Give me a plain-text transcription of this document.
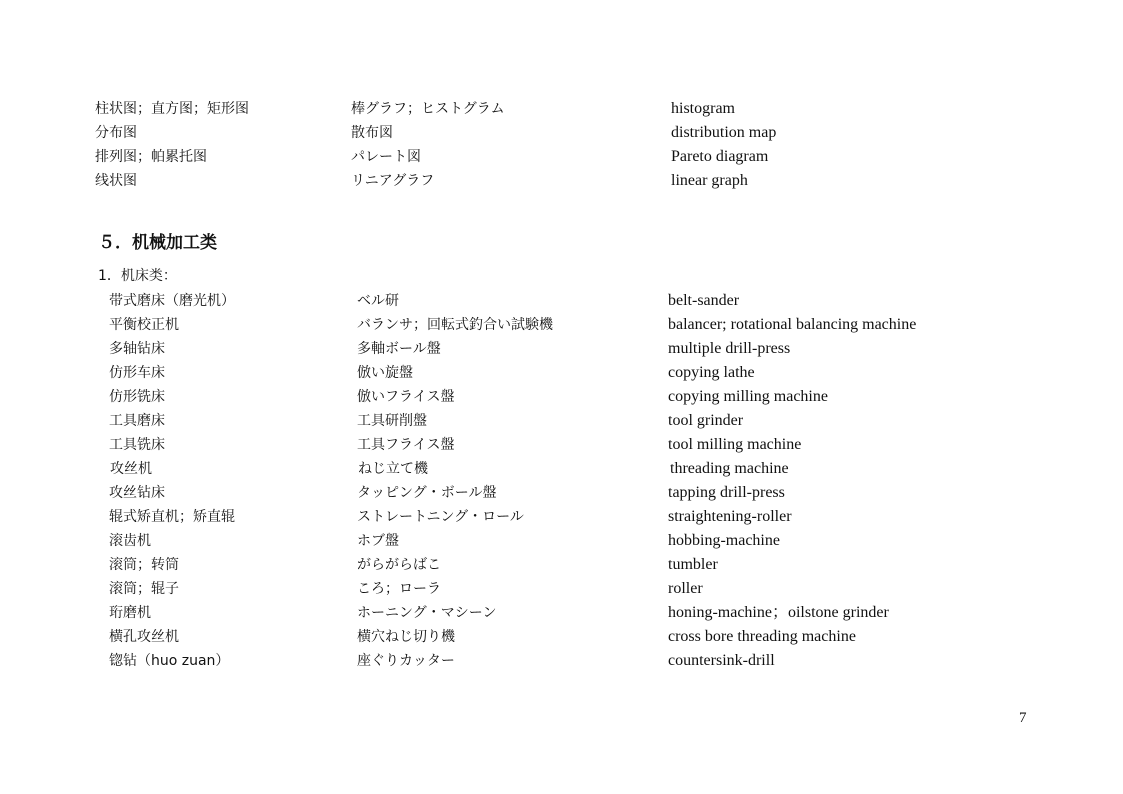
柱状图；直方图；矩形图	棒グラフ；ヒストグラム	histogram
分布图	散布図	distribution map
排列图；帕累托图	パレート図	Pareto diagram
线状图	リニアグラフ	linear graph
５．机械加工类
1．机床类：
带式磨床（磨光机）	ベル研	belt-sander
平衡校正机	バランサ；回転式釣合い試験機	balancer; rotational balancing machine
多轴钻床	多軸ボール盤	multiple drill-press
仿形车床	倣い旋盤	copying lathe
仿形铣床	倣いフライス盤	copying milling machine
工具磨床	工具研削盤	tool grinder
工具铣床	工具フライス盤	tool milling machine
攻丝机	ねじ立て機	threading machine
攻丝钻床	タッピング・ボール盤	tapping drill-press
辊式矫直机；矫直辊	ストレートニング・ロール	straightening-roller
滚齿机	ホブ盤	hobbing-machine
滚筒；转筒	がらがらばこ	tumbler
滚筒；辊子	ころ；ローラ	roller
珩磨机	ホーニング・マシーン	honing-machine；oilstone grinder
横孔攻丝机	横穴ねじ切り機	cross bore threading machine
锪钻（huo zuan）	座ぐりカッター	countersink-drill
7
